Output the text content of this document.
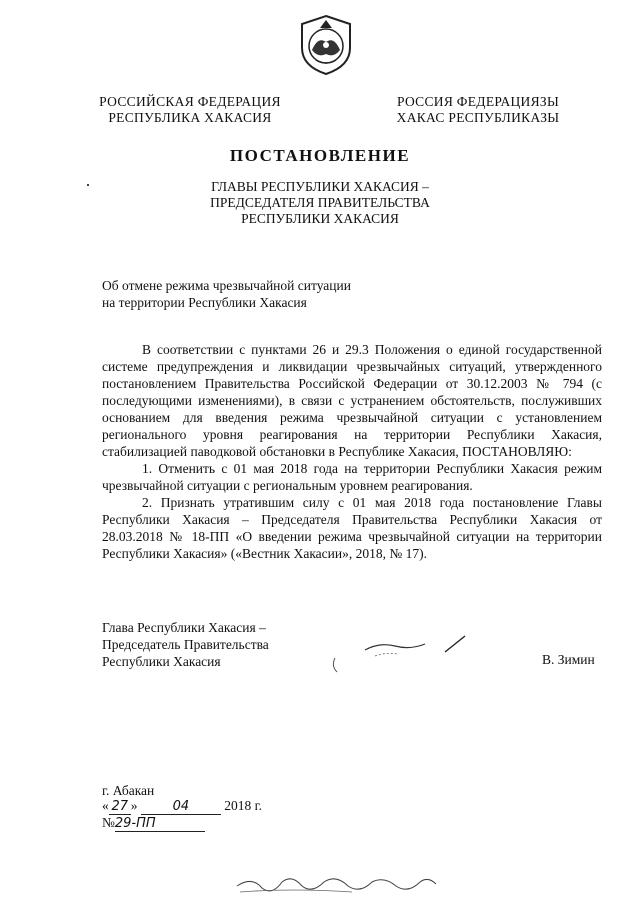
РОССИЙСКАЯ ФЕДЕРАЦИЯ
РЕСПУБЛИКА ХАКАСИЯ
РОССИЯ ФЕДЕРАЦИЯЗЫ
ХАКАС РЕСПУБЛИКАЗЫ
ПОСТАНОВЛЕНИЕ
ГЛАВЫ РЕСПУБЛИКИ ХАКАСИЯ –
ПРЕДСЕДАТЕЛЯ ПРАВИТЕЛЬСТВА
РЕСПУБЛИКИ ХАКАСИЯ
Об отмене режима чрезвычайной ситуации
на территории Республики Хакасия

В соответствии с пунктами 26 и 29.3 Положения о единой государственной системе предупреждения и ликвидации чрезвычайных ситуаций, утвержденного постановлением Правительства Российской Федерации от 30.12.2003 № 794 (с последующими изменениями), в связи с устранением обстоятельств, послуживших основанием для введения режима чрезвычайной ситуации с установлением регионального уровня реагирования на территории Республики Хакасия, стабилизацией паводковой обстановки в Республике Хакасия, ПОСТАНОВЛЯЮ:

1. Отменить с 01 мая 2018 года на территории Республики Хакасия режим чрезвычайной ситуации с региональным уровнем реагирования.

2. Признать утратившим силу с 01 мая 2018 года постановление Главы Республики Хакасия – Председателя Правительства Республики Хакасия от 28.03.2018 № 18-ПП «О введении режима чрезвычайной ситуации на территории Республики Хакасия» («Вестник Хакасии», 2018, № 17).

Глава Республики Хакасия –
Председатель Правительства
Республики Хакасия	В. Зимин
г. Абакан
« 27 »	04	2018 г.
№29-ПП
